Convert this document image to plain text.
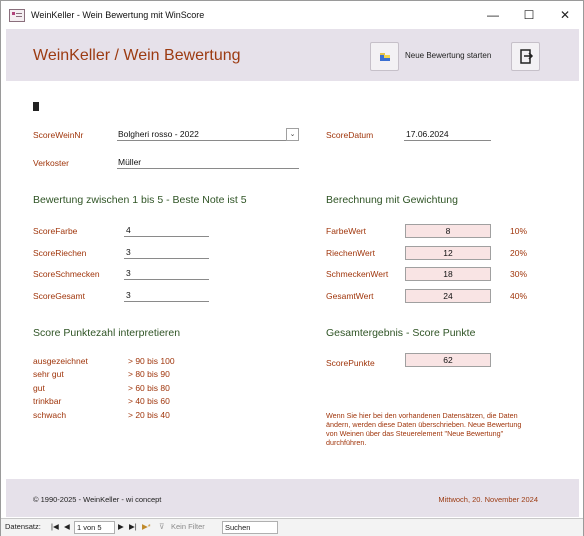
WeinKeller - Wein Bewertung mit WinScore	—	☐	✕
WeinKeller / Wein Bewertung	Neue Bewertung starten
ScoreWeinNr	Bolgheri rosso - 2022	⌄
Verkoster	Müller
ScoreDatum	17.06.2024
Bewertung zwischen 1 bis 5 - Beste Note ist 5
ScoreFarbe	4
ScoreRiechen	3
ScoreSchmecken	3
ScoreGesamt	3
Berechnung mit Gewichtung
FarbeWert	8	10%
RiechenWert	12	20%
SchmeckenWert	18	30%
GesamtWert	24	40%
Score Punktezahl interpretieren
ausgezeichnet	> 90 bis 100
sehr gut	> 80 bis 90
gut	> 60 bis 80
trinkbar	> 40 bis 60
schwach	> 20 bis 40
Gesamtergebnis - Score Punkte
ScorePunkte	62
Wenn Sie hier bei den vorhandenen Datensätzen, die Daten ändern, werden diese Daten überschrieben. Neue Bewertung von Weinen über das Steuerelement "Neue Bewertung" durchführen.
© 1990-2025 - WeinKeller - wi concept	Mittwoch, 20. November 2024
Datensatz: |◀ ◀ 1 von 5	▶ ▶| ▶* ⊽ Kein Filter	Suchen
